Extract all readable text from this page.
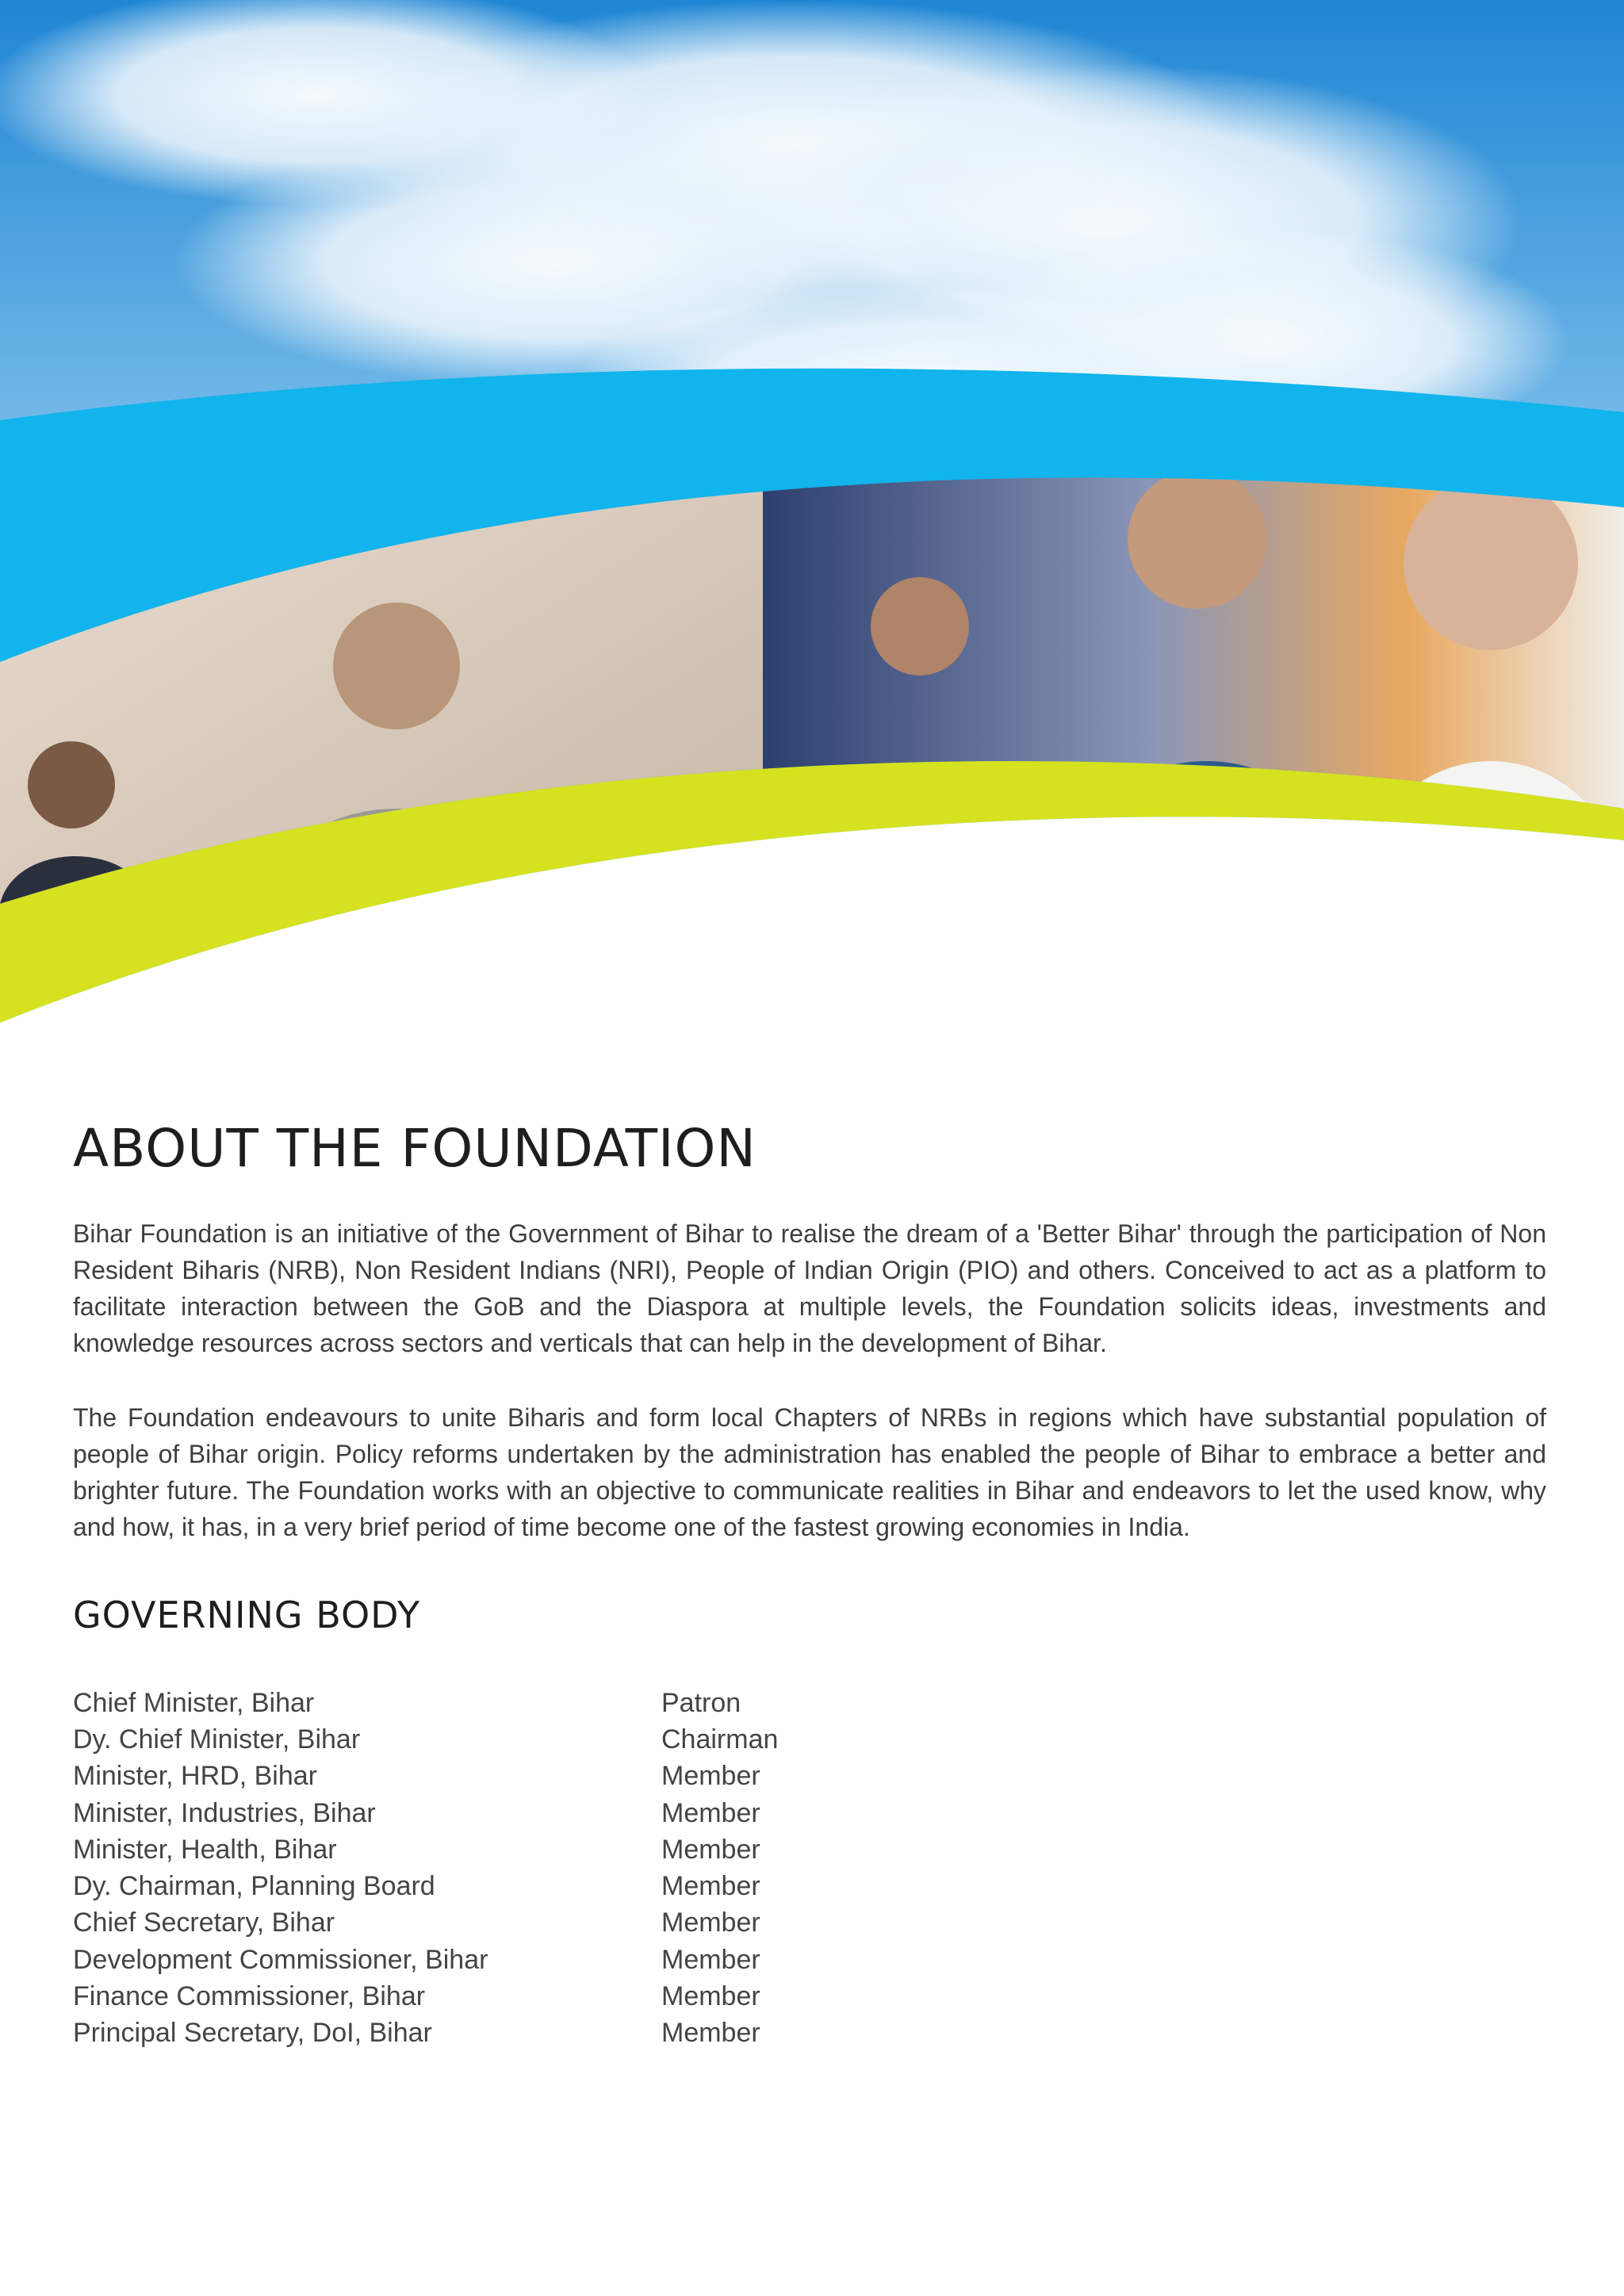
ABOUT THE FOUNDATION

Bihar Foundation is an initiative of the Government of Bihar to realise the dream of a 'Better Bihar' through the participation of Non Resident Biharis (NRB), Non Resident Indians (NRI), People of Indian Origin (PIO) and others. Conceived to act as a platform to facilitate interaction between the GoB and the Diaspora at multiple levels, the Foundation solicits ideas, investments and knowledge resources across sectors and verticals that can help in the development of Bihar.

The Foundation endeavours to unite Biharis and form local Chapters of NRBs in regions which have substantial population of people of Bihar origin. Policy reforms undertaken by the administration has enabled the people of Bihar to embrace a better and brighter future. The Foundation works with an objective to communicate realities in Bihar and endeavors to let the used know, why and how, it has, in a very brief period of time become one of the fastest growing economies in India.

GOVERNING BODY
Chief Minister, Bihar	Patron
Dy. Chief Minister, Bihar	Chairman
Minister, HRD, Bihar	Member
Minister, Industries, Bihar	Member
Minister, Health, Bihar	Member
Dy. Chairman, Planning Board	Member
Chief Secretary, Bihar	Member
Development Commissioner, Bihar	Member
Finance Commissioner, Bihar	Member
Principal Secretary, DoI, Bihar	Member
